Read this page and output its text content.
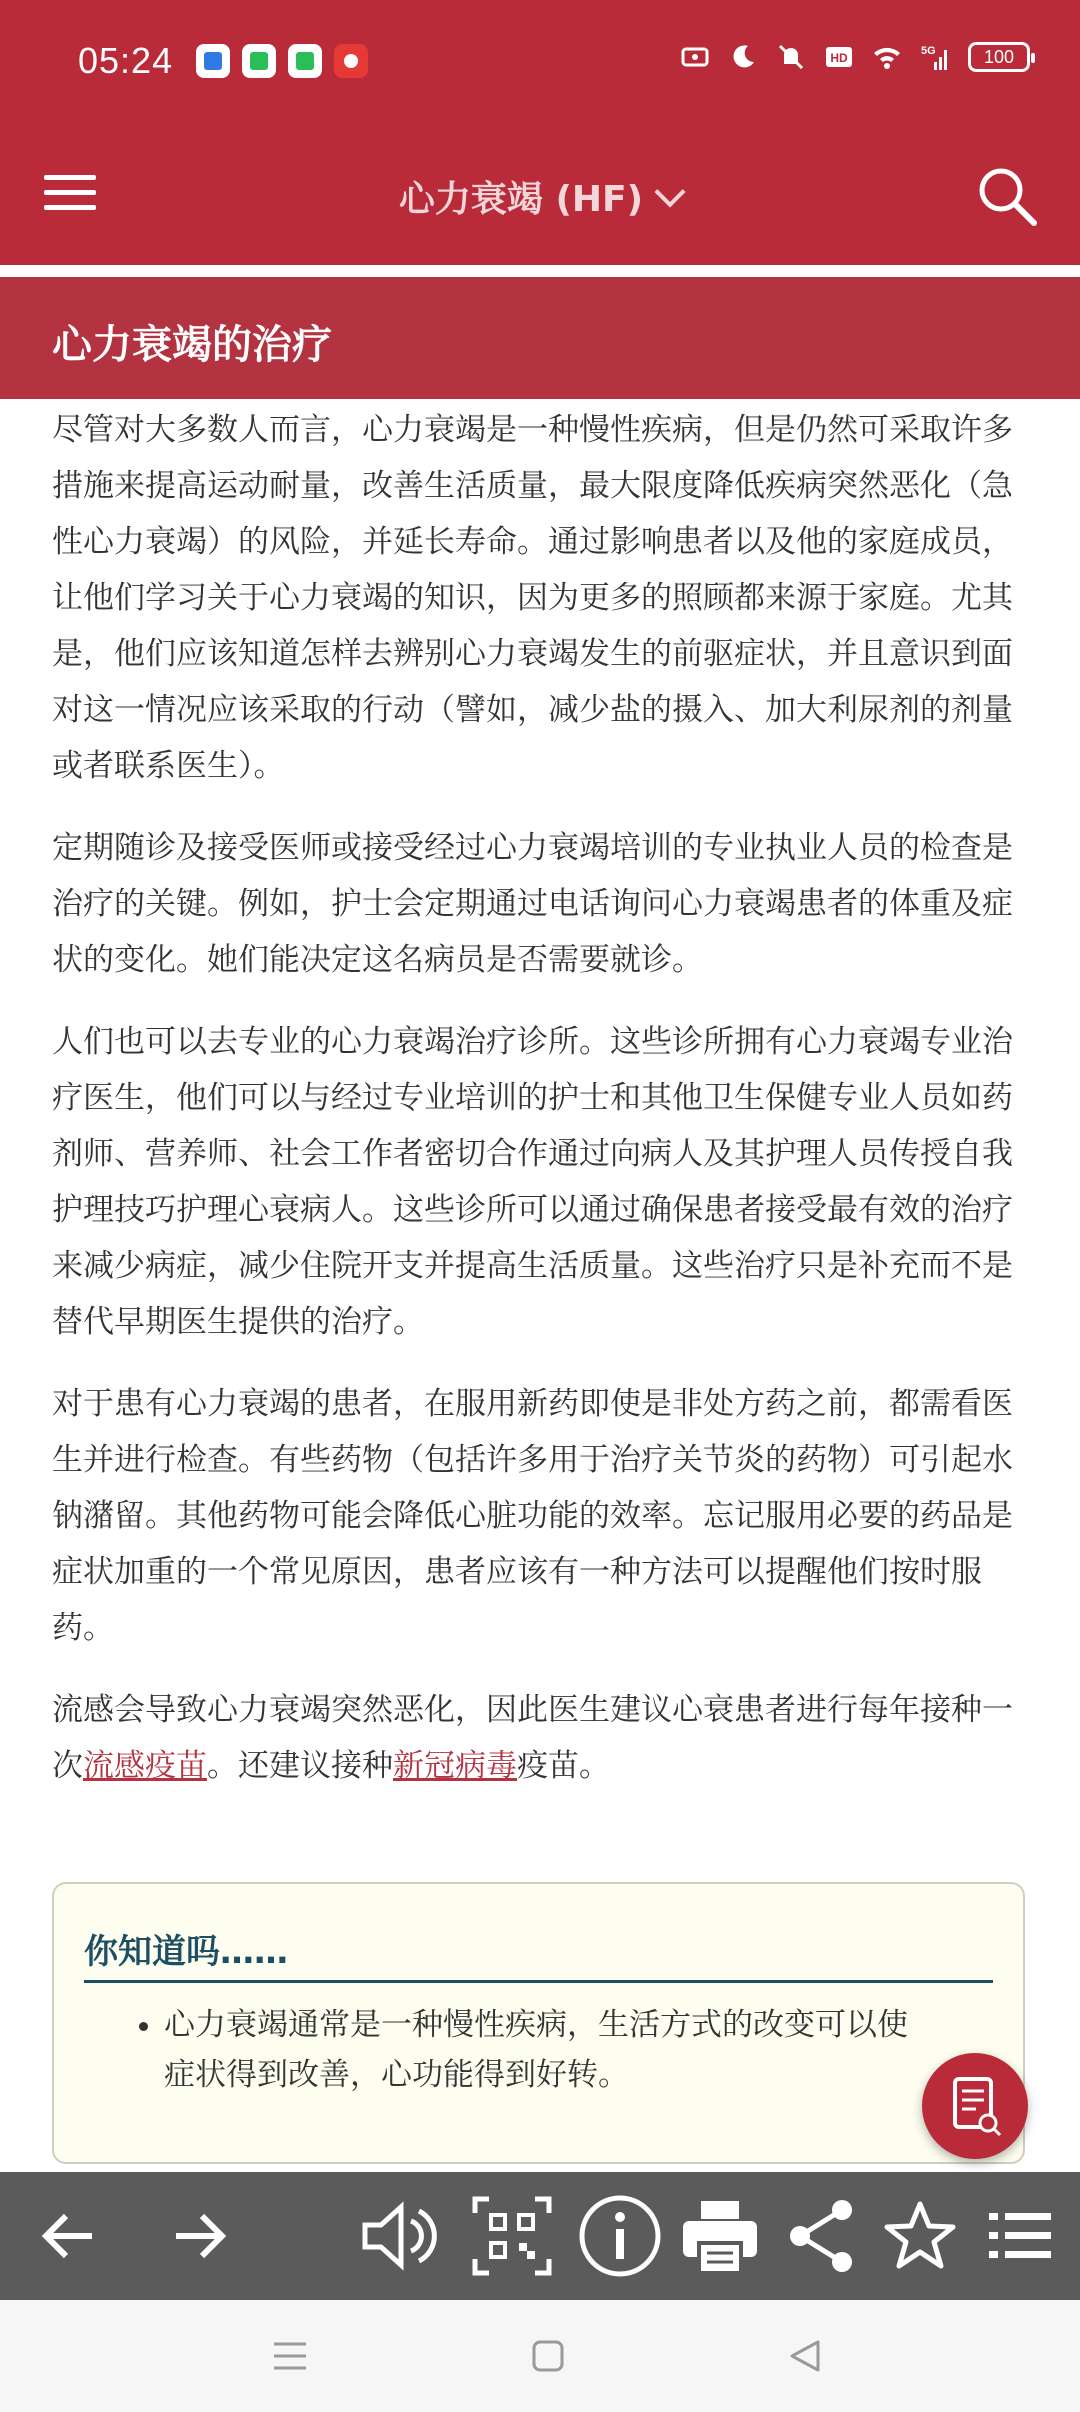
05:24	HD	5G	100
心力衰竭 (HF)
心力衰竭的治疗

尽管对大多数人而言，心力衰竭是一种慢性疾病，但是仍然可采取许多措施来提高运动耐量，改善生活质量，最大限度降低疾病突然恶化（急性心力衰竭）的风险，并延长寿命。通过影响患者以及他的家庭成员，让他们学习关于心力衰竭的知识，因为更多的照顾都来源于家庭。尤其是，他们应该知道怎样去辨别心力衰竭发生的前驱症状，并且意识到面对这一情况应该采取的行动（譬如，减少盐的摄入、加大利尿剂的剂量或者联系医生）。

定期随诊及接受医师或接受经过心力衰竭培训的专业执业人员的检查是治疗的关键。例如，护士会定期通过电话询问心力衰竭患者的体重及症状的变化。她们能决定这名病员是否需要就诊。

人们也可以去专业的心力衰竭治疗诊所。这些诊所拥有心力衰竭专业治疗医生，他们可以与经过专业培训的护士和其他卫生保健专业人员如药剂师、营养师、社会工作者密切合作通过向病人及其护理人员传授自我护理技巧护理心衰病人。这些诊所可以通过确保患者接受最有效的治疗来减少病症，减少住院开支并提高生活质量。这些治疗只是补充而不是替代早期医生提供的治疗。

对于患有心力衰竭的患者，在服用新药即使是非处方药之前，都需看医生并进行检查。有些药物（包括许多用于治疗关节炎的药物）可引起水钠潴留。其他药物可能会降低心脏功能的效率。忘记服用必要的药品是症状加重的一个常见原因，患者应该有一种方法可以提醒他们按时服药。

流感会导致心力衰竭突然恶化，因此医生建议心衰患者进行每年接种一次流感疫苗。还建议接种新冠病毒疫苗。

你知道吗……
• 心力衰竭通常是一种慢性疾病，生活方式的改变可以使症状得到改善，心功能得到好转。
